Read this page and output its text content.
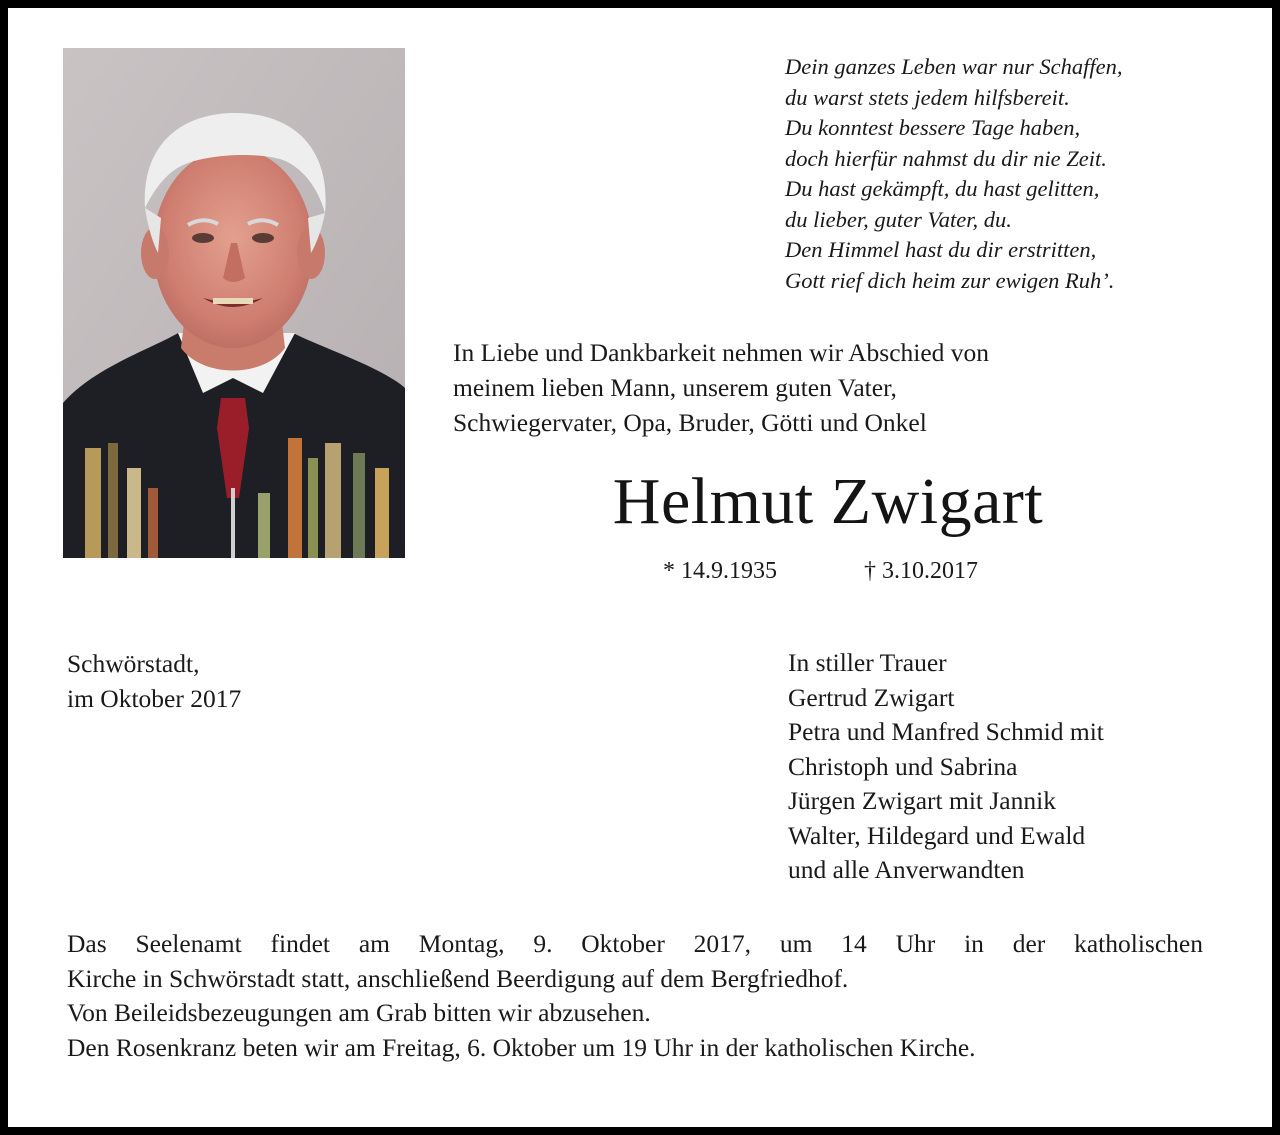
Dein ganzes Leben war nur Schaffen,
du warst stets jedem hilfsbereit.
Du konntest bessere Tage haben,
doch hierfür nahmst du dir nie Zeit.
Du hast gekämpft, du hast gelitten,
du lieber, guter Vater, du.
Den Himmel hast du dir erstritten,
Gott rief dich heim zur ewigen Ruh’.
In Liebe und Dankbarkeit nehmen wir Abschied von
meinem lieben Mann, unserem guten Vater,
Schwiegervater, Opa, Bruder, Götti und Onkel
Helmut Zwigart
* 14.9.1935	† 3.10.2017
Schwörstadt,
im Oktober 2017
In stiller Trauer
Gertrud Zwigart
Petra und Manfred Schmid mit
Christoph und Sabrina
Jürgen Zwigart mit Jannik
Walter, Hildegard und Ewald
und alle Anverwandten
Das Seelenamt findet am Montag, 9. Oktober 2017, um 14 Uhr in der katholischen
Kirche in Schwörstadt statt, anschließend Beerdigung auf dem Bergfriedhof.
Von Beileidsbezeugungen am Grab bitten wir abzusehen.
Den Rosenkranz beten wir am Freitag, 6. Oktober um 19 Uhr in der katholischen Kirche.
